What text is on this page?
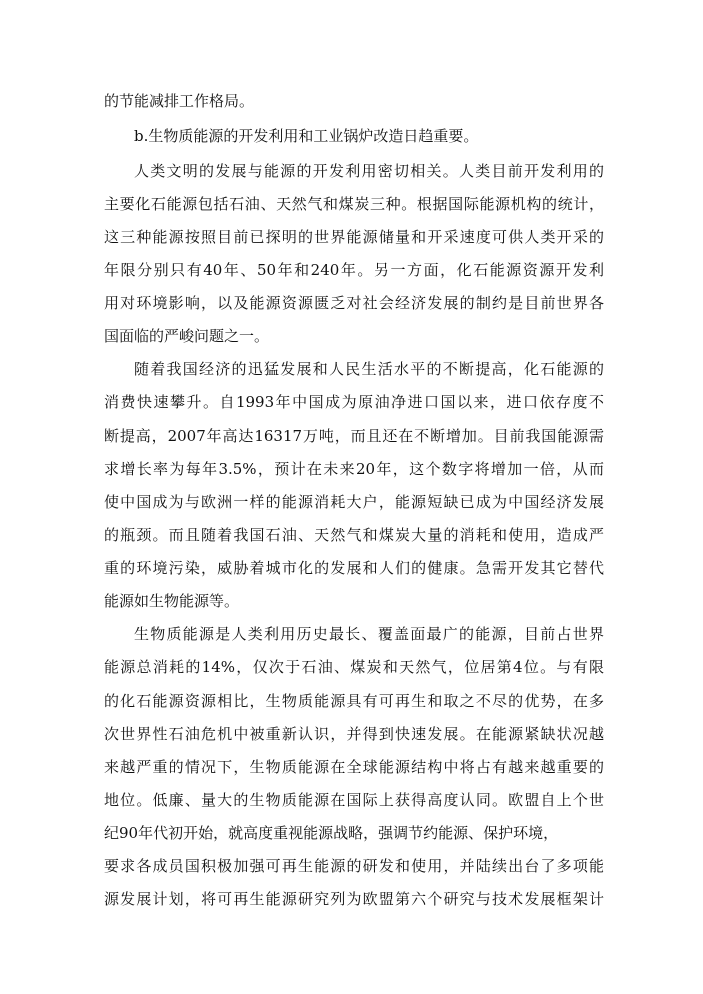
的节能减排工作格局。
b.生物质能源的开发利用和工业锅炉改造日趋重要。
人类文明的发展与能源的开发利用密切相关。人类目前开发利用的
主要化石能源包括石油、天然气和煤炭三种。根据国际能源机构的统计，
这三种能源按照目前已探明的世界能源储量和开采速度可供人类开采的
年限分别只有40年、50年和240年。另一方面，化石能源资源开发利
用对环境影响，以及能源资源匮乏对社会经济发展的制约是目前世界各
国面临的严峻问题之一。
随着我国经济的迅猛发展和人民生活水平的不断提高，化石能源的
消费快速攀升。自1993年中国成为原油净进口国以来，进口依存度不
断提高，2007年高达16317万吨，而且还在不断增加。目前我国能源需
求增长率为每年3.5%，预计在未来20年，这个数字将增加一倍，从而
使中国成为与欧洲一样的能源消耗大户，能源短缺已成为中国经济发展
的瓶颈。而且随着我国石油、天然气和煤炭大量的消耗和使用，造成严
重的环境污染，威胁着城市化的发展和人们的健康。急需开发其它替代
能源如生物能源等。
生物质能源是人类利用历史最长、覆盖面最广的能源，目前占世界
能源总消耗的14%，仅次于石油、煤炭和天然气，位居第4位。与有限
的化石能源资源相比，生物质能源具有可再生和取之不尽的优势，在多
次世界性石油危机中被重新认识，并得到快速发展。在能源紧缺状况越
来越严重的情况下，生物质能源在全球能源结构中将占有越来越重要的
地位。低廉、量大的生物质能源在国际上获得高度认同。欧盟自上个世
纪90年代初开始，就高度重视能源战略，强调节约能源、保护环境，
要求各成员国积极加强可再生能源的研发和使用，并陆续出台了多项能
源发展计划，将可再生能源研究列为欧盟第六个研究与技术发展框架计
